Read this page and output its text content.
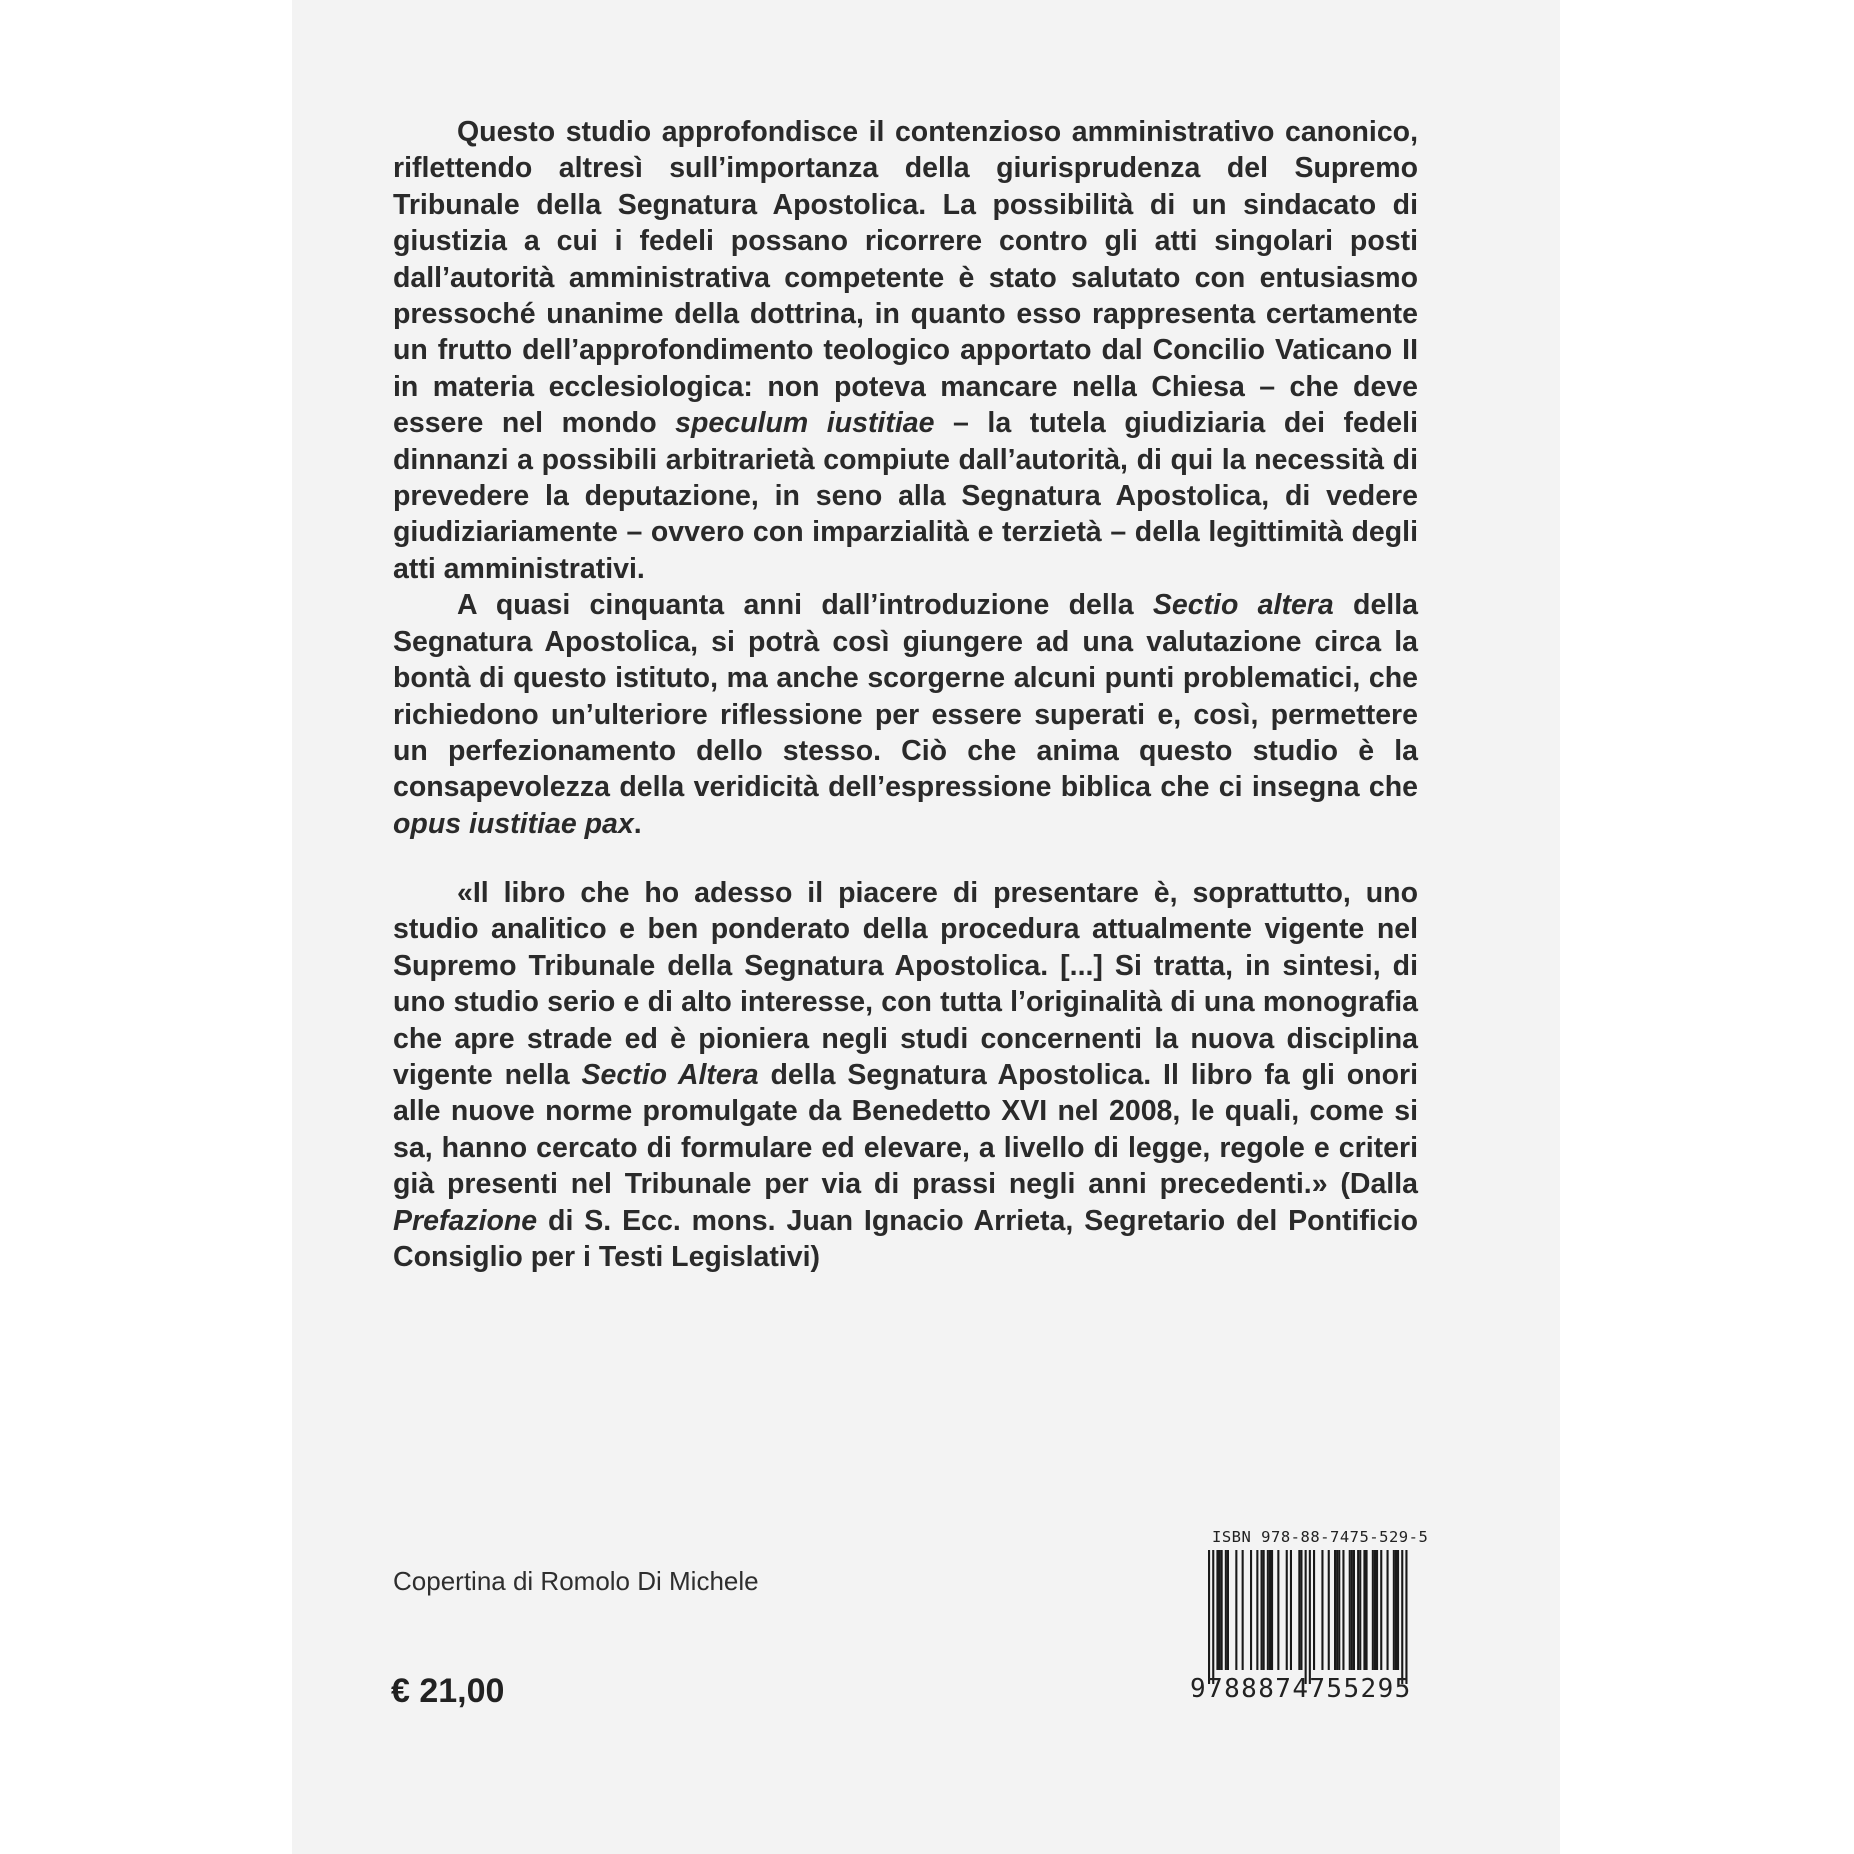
Questo studio approfondisce il contenzioso amministrativo canonico, riflettendo altresì sull’importanza della giurisprudenza del Supremo Tribunale della Segnatura Apostolica. La possibilità di un sindacato di giustizia a cui i fedeli possano ricorrere contro gli atti singolari posti dall’autorità amministrativa competente è stato salutato con entusiasmo pressoché unanime della dottrina, in quanto esso rappresenta certamente un frutto dell’approfondimento teologico apportato dal Concilio Vaticano II in materia ecclesiologica: non poteva mancare nella Chiesa – che deve essere nel mondo speculum iustitiae – la tutela giudiziaria dei fedeli dinnanzi a possibili arbitrarietà compiute dall’autorità, di qui la necessità di prevedere la deputazione, in seno alla Segnatura Apostolica, di vedere giudiziariamente – ovvero con imparzialità e terzietà – della legittimità degli atti amministrativi.

A quasi cinquanta anni dall’introduzione della Sectio altera della Segnatura Apostolica, si potrà così giungere ad una valutazione circa la bontà di questo istituto, ma anche scorgerne alcuni punti problematici, che richiedono un’ulteriore riflessione per essere superati e, così, permettere un perfezionamento dello stesso. Ciò che anima questo studio è la consapevolezza della veridicità dell’espressione biblica che ci insegna che opus iustitiae pax.

«Il libro che ho adesso il piacere di presentare è, soprattutto, uno studio analitico e ben ponderato della procedura attualmente vigente nel Supremo Tribunale della Segnatura Apostolica. [...] Si tratta, in sintesi, di uno studio serio e di alto interesse, con tutta l’originalità di una monografia che apre strade ed è pioniera negli studi concernenti la nuova disciplina vigente nella Sectio Altera della Segnatura Apostolica. Il libro fa gli onori alle nuove norme promulgate da Benedetto XVI nel 2008, le quali, come si sa, hanno cercato di formulare ed elevare, a livello di legge, regole e criteri già presenti nel Tribunale per via di prassi negli anni precedenti.» (Dalla Prefazione di S. Ecc. mons. Juan Ignacio Arrieta, Segretario del Pontificio Consiglio per i Testi Legislativi)

Copertina di Romolo Di Michele
€ 21,00
ISBN 978-88-7475-529-5
9788874755295
